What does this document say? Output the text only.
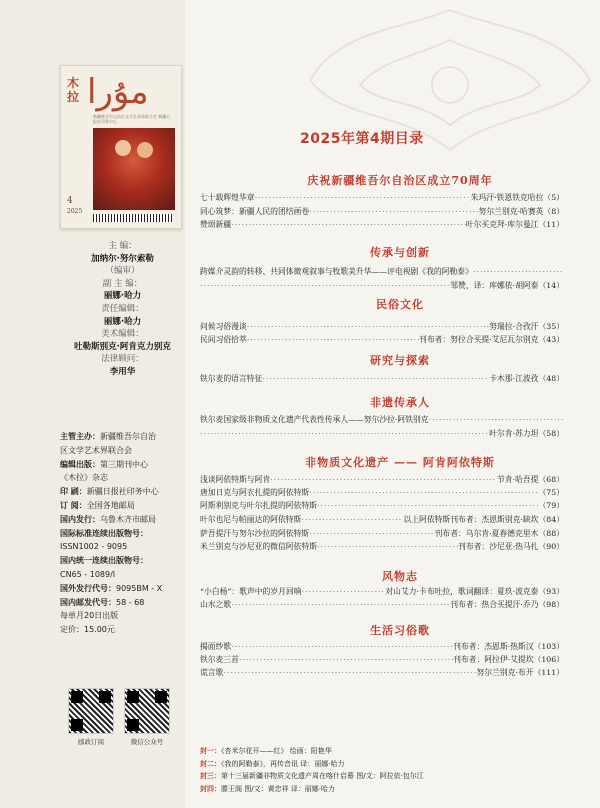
木拉 مۇرا
新疆维吾尔自治区文学艺术界联合会 新疆日报社印务中心
4
2025
主 编：
加纳尔·努尔索勒
（编审）
副 主 编：
丽娜·哈力
责任编辑：
丽娜·哈力
美术编辑：
吐勒斯别克·阿肯克力别克
法律顾问：
李用华
主管主办：新疆维吾尔自治
区文学艺术界联合会
编辑出版：第三期刊中心
《木拉》杂志
印 刷：新疆日报社印务中心
订 阅：全国各地邮局
国内发行：乌鲁木齐市邮局
国际标准连续出版物号：
ISSN1002 - 9095
国内统一连续出版物号：
CN65 - 1089/I
国外发行代号：9095BM - X
国内邮发代号：58 - 68
每单月20日出版
定价：15.00元
邮政订阅	微信公众号
2025年第4期目录
庆祝新疆维吾尔自治区成立70周年
传承与创新
民俗文化
研究与探索
非遗传承人
非物质文化遗产 —— 阿肯阿依特斯
风物志
生活习俗歌
七十载辉煌华章 ·····	朱玛汗·铁恩铁克哈拉（5）
同心筑梦：新疆人民的团结画卷 ·····	努尔兰别克·哈赛英（8）
赞颂新疆 ·····	叶尔买克拜·库尔曼江（11）
跨媒介灵韵的转移、共同体微观叙事与牧歌美升华——评电视剧《我的阿勒泰》
·····
·····
邹赞，译：库娜依·胡阿泰（14）
问候习俗漫谈 ·····	努瑞拉·合孜汗（35）
民间习俗拾萃 ·····	刊布者：努拉合买提·艾尼瓦尔别克（43）
铁尔麦的语言特征 ·····	卡木那·江波孜（48）
铁尔麦国家级非物质文化遗产代表性传承人——努尔沙拉·阿铁别克
·····
·····
叶尔肯·苏力坦（58）
浅谈阿依特斯与阿肯 ·····	节肯·哈吾提（68）
唐加日克与阿衣扎提的阿依特斯 ·····	（75）
阿斯利别克与叶尔扎提的阿依特斯 ·····	（79）
叶尔也尼与帕丽达的阿依特斯 ·····	以上阿依特斯刊布者：杰恩斯别克·缺坎（84）
萨吾提汗与努尔沙拉的阿依特斯 ·····	刊布者：乌尔肯·夏春德克里木（88）
米兰别克与沙尼亚的微信阿依特斯 ·····	刊布者：沙尼亚·热马扎（90）
“小白杨”：歌声中的岁月回响 ·····	对山艾力·卡布吐拉，歌词翻译：夏玖·波克泰（93）
山水之歌 ·····	刊布者：热合买提汗·乔乃（98）
揭面纱歌 ·····	刊布者：杰恩斯·热斯汉（103）
铁尔麦三首 ·····	刊布者：阿拉伊·艾提坎（106）
谎言歌 ·····	努尔兰别克·布开（111）
封一：《杏米尔花开——红》 绘画：阳艳华
封二：《我的阿勒泰》，再传音讯 译：丽娜·哈力
封三：第十三届新疆非物质文化遗产周在喀什启幕 图/文：阿拉依·包尔江
封四：滕王阁 图/文：黄忠祥 译：丽娜·哈力
